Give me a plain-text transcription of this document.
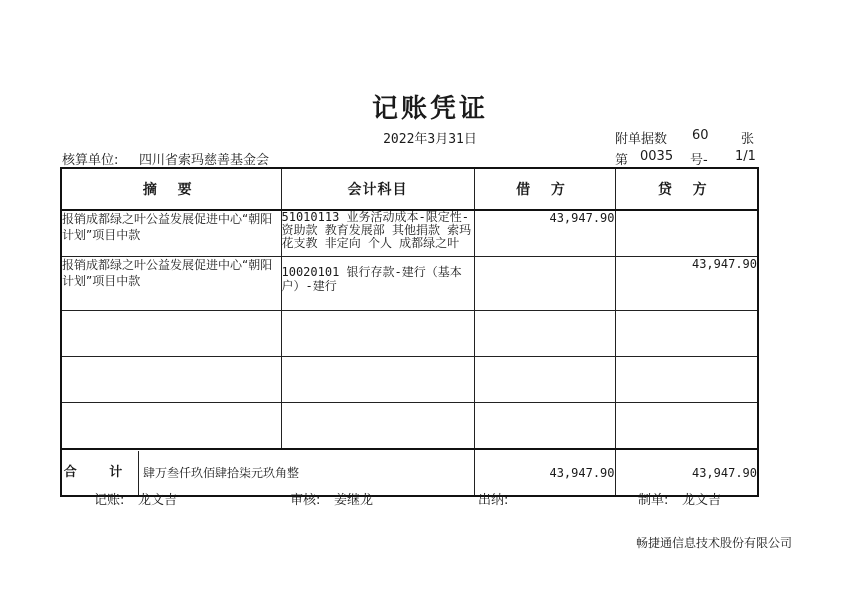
记账凭证
2022年3月31日	附单据数 60 张
核算单位: 四川省索玛慈善基金会	第 0035 号- 1/1
摘 要	会计科目	借 方	贷 方
报销成都绿之叶公益发展促进中心“朝阳计划”项目中款	51010113 业务活动成本-限定性-资助款 教育发展部 其他捐款 索玛花支教 非定向 个人 成都绿之叶	43,947.90	
报销成都绿之叶公益发展促进中心“朝阳计划”项目中款	10020101 银行存款-建行（基本户）-建行		43,947.90

合 计 肆万叁仟玖佰肆拾柒元玖角整		43,947.90	43,947.90
记账: 龙文吉	审核: 姜继龙	出纳:	制单: 龙文吉
畅捷通信息技术股份有限公司
